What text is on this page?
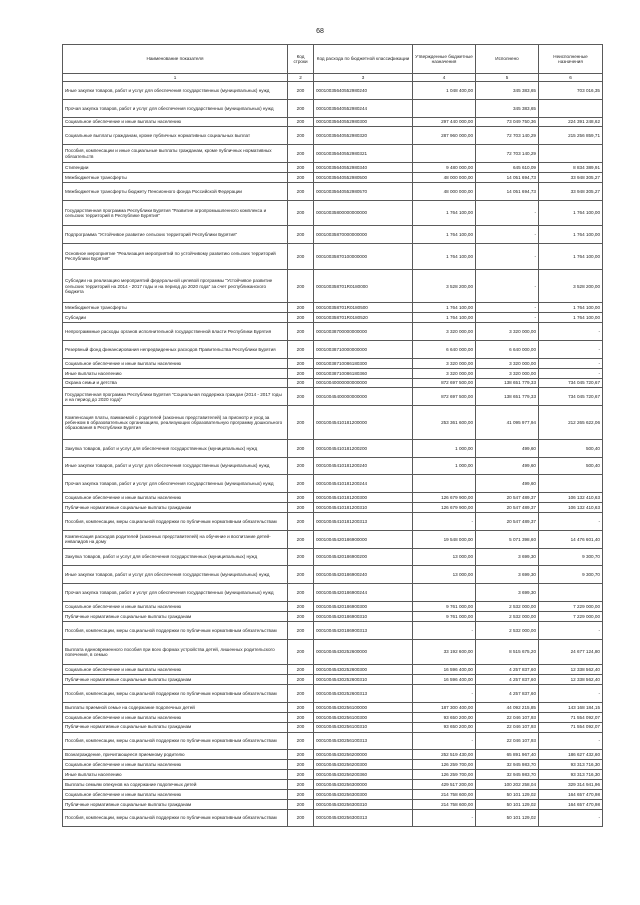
68
Наименование показателя	Код строки	Код расхода по бюджетной классификации	Утвержденные бюджетные назначения	Исполнено	Неисполненные назначения
1	2	3	4	5	6
Иные закупки товаров, работ и услуг для обеспечения государственных (муниципальных) нужд	200	00010035640552980240	1 048 400,00	345 383,65	703 016,35
Прочая закупка товаров, работ и услуг для обеспечения государственных (муниципальных) нужд	200	00010035640552980244		345 383,65	
Социальное обеспечение и иные выплаты населению	200	00010035640552980300	297 440 000,00	73 049 750,36	224 391 248,62
Социальные выплаты гражданам, кроме публичных нормативных социальных выплат	200	00010035640552980320	287 960 000,00	72 703 140,29	215 256 859,71
Пособия, компенсации и иные социальные выплаты гражданам, кроме публичных нормативных обязательств	200	00010035640552980321		72 703 140,29	
Стипендии	200	00010035640552980340	9 480 000,00	645 610,09	8 834 389,91
Межбюджетные трансферты	200	00010035640552980500	48 000 000,00	14 051 694,73	33 948 305,27
Межбюджетные трансферты бюджету Пенсионного фонда Российской Федерации	200	00010035640552980570	48 000 000,00	14 051 694,73	33 948 305,27
Государственная программа Республики Бурятия "Развитие агропромышленного комплекса и сельских территорий в Республике Бурятия"	200	00010035800000000000	1 764 100,00	-	1 764 100,00
Подпрограмма "Устойчивое развитие сельских территорий Республики Бурятия"	200	00010035870000000000	1 764 100,00	-	1 764 100,00
Основное мероприятие "Реализация мероприятий по устойчивому развитию сельских территорий Республики Бурятия"	200	00010035870100000000	1 764 100,00	-	1 764 100,00
Субсидии на реализацию мероприятий федеральной целевой программы "Устойчивое развитие сельских территорий на 2014 - 2017 годы и на период до 2020 года" за счет республиканского бюджета	200	000100358701R0180000	3 528 200,00	-	3 528 200,00
Межбюджетные трансферты	200	000100358701R0180500	1 764 100,00	-	1 764 100,00
Субсидии	200	000100358701R0180520	1 764 100,00	-	1 764 100,00
Непрограммные расходы органов исполнительной государственной власти Республики Бурятия	200	00010038700000000000	3 320 000,00	3 320 000,00	-
Резервный фонд финансирования непредвиденных расходов Правительства Республики Бурятия	200	00010038710000000000	6 640 000,00	6 640 000,00	-
Социальное обеспечение и иные выплаты населению	200	00010038710086180300	3 320 000,00	3 320 000,00	-
Иные выплаты населению	200	00010038710086180360	3 320 000,00	3 320 000,00	-
Охрана семьи и детства	200	00010040000000000000	872 697 500,00	138 651 779,33	734 045 720,67
Государственная программа Республики Бурятия "Социальная поддержка граждан (2014 - 2017 годы и на период до 2020 года)"	200	00010045400000000000	872 697 500,00	138 651 779,33	734 045 720,67
Компенсация платы, взимаемой с родителей (законных представителей) за присмотр и уход за ребенком в образовательных организациях, реализующих образовательную программу дошкольного образования в Республике Бурятия	200	00010045410181200000	253 361 600,00	41 095 977,94	212 265 622,06
Закупка товаров, работ и услуг для обеспечения государственных (муниципальных) нужд	200	00010045410181200200	1 000,00	499,60	500,40
Иные закупки товаров, работ и услуг для обеспечения государственных (муниципальных) нужд	200	00010045410181200240	1 000,00	499,60	500,40
Прочая закупка товаров, работ и услуг для обеспечения государственных (муниципальных) нужд	200	00010045410181200244		499,60	
Социальное обеспечение и иные выплаты населению	200	00010045410181200300	126 679 900,00	20 547 489,37	106 132 410,63
Публичные нормативные социальные выплаты гражданам	200	00010045410181200310	126 679 900,00	20 547 489,37	106 132 410,63
Пособия, компенсации, меры социальной поддержки по публичным нормативным обязательствам	200	00010045410181200313	-	20 547 489,37	-
Компенсация расходов родителей (законных представителей) на обучение и воспитание детей-инвалидов на дому	200	00010045420186900000	19 548 000,00	5 071 398,60	14 476 601,40
Закупка товаров, работ и услуг для обеспечения государственных (муниципальных) нужд	200	00010045420186900200	13 000,00	3 699,30	9 300,70
Иные закупки товаров, работ и услуг для обеспечения государственных (муниципальных) нужд	200	00010045420186900240	13 000,00	3 699,30	9 300,70
Прочая закупка товаров, работ и услуг для обеспечения государственных (муниципальных) нужд	200	00010045420186900244		3 699,30	
Социальное обеспечение и иные выплаты населению	200	00010045420186900300	9 761 000,00	2 532 000,00	7 229 000,00
Публичные нормативные социальные выплаты гражданам	200	00010045420186900310	9 761 000,00	2 532 000,00	7 229 000,00
Пособия, компенсации, меры социальной поддержки по публичным нормативным обязательствам	200	00010045420186900313	-	2 532 000,00	-
Выплата единовременного пособия при всех формах устройства детей, лишенных родительского попечения, в семью	200	00010045430252600000	33 192 600,00	8 515 675,20	24 677 124,80
Социальное обеспечение и иные выплаты населению	200	00010045430252600300	16 596 400,00	4 257 837,60	12 338 562,40
Публичные нормативные социальные выплаты гражданам	200	00010045430252600310	16 596 400,00	4 257 837,60	12 338 562,40
Пособия, компенсации, меры социальной поддержки по публичным нормативным обязательствам	200	00010045430252600313	-	4 257 837,60	-
Выплаты приемной семье на содержание подопечных детей	200	00010045430256100000	187 300 400,00	44 092 215,85	143 168 184,15
Социальное обеспечение и иные выплаты населению	200	00010045430256100300	93 650 200,00	22 046 107,93	71 554 092,07
Публичные нормативные социальные выплаты гражданам	200	00010045430256100310	93 650 200,00	22 046 107,93	71 554 092,07
Пособия, компенсации, меры социальной поддержки по публичным нормативным обязательствам	200	00010045430256100313	-	22 046 107,93	-
Вознаграждение, причитающееся приемному родителю	200	00010045430256200000	252 519 430,00	65 891 967,40	186 627 432,60
Социальное обеспечение и иные выплаты населению	200	00010045430256200300	126 259 700,00	32 945 983,70	93 313 716,30
Иные выплаты населению	200	00010045430256200360	126 259 700,00	32 945 983,70	93 313 716,30
Выплаты семьям опекунов на содержание подопечных детей	200	00010045430256300000	429 517 200,00	100 202 258,04	329 314 941,96
Социальное обеспечение и иные выплаты населению	200	00010045430256300300	214 758 600,00	50 101 129,02	164 657 470,98
Публичные нормативные социальные выплаты гражданам	200	00010045430256300310	214 758 600,00	50 101 129,02	164 657 470,98
Пособия, компенсации, меры социальной поддержки по публичным нормативным обязательствам	200	00010045430256300313	-	50 101 129,02	-
